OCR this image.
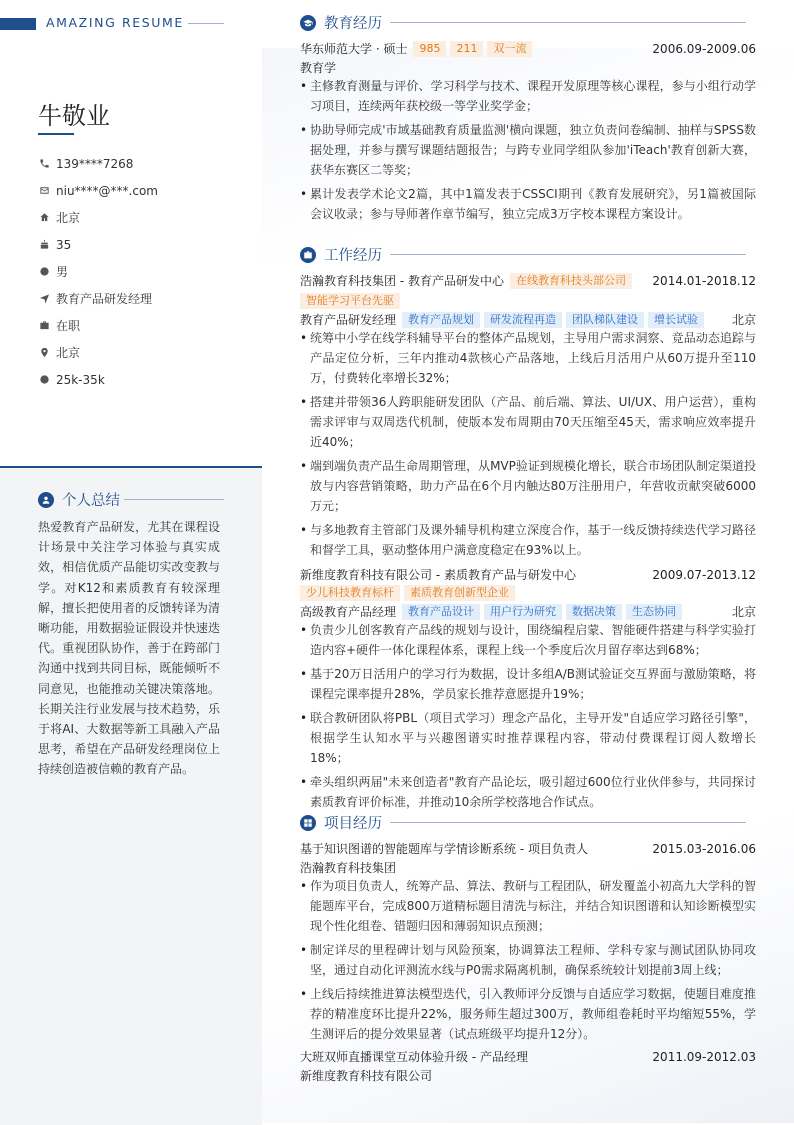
AMAZING RESUME
牛敬业
139****7268
niu****@***.com
北京
35
男
教育产品研发经理
在职
北京
25k-35k
个人总结
热爱教育产品研发，尤其在课程设计场景中关注学习体验与真实成效，相信优质产品能切实改变教与学。对K12和素质教育有较深理解，擅长把使用者的反馈转译为清晰功能，用数据验证假设并快速迭代。重视团队协作，善于在跨部门沟通中找到共同目标，既能倾听不同意见，也能推动关键决策落地。长期关注行业发展与技术趋势，乐于将AI、大数据等新工具融入产品思考，希望在产品研发经理岗位上持续创造被信赖的教育产品。
教育经历
华东师范大学 · 硕士	985	211	双一流	2006.09-2009.06
教育学
• 主修教育测量与评价、学习科学与技术、课程开发原理等核心课程，参与小组行动学习项目，连续两年获校级一等学业奖学金；
• 协助导师完成'市域基础教育质量监测'横向课题，独立负责问卷编制、抽样与SPSS数据处理，并参与撰写课题结题报告；与跨专业同学组队参加'iTeach'教育创新大赛，获华东赛区二等奖；
• 累计发表学术论文2篇，其中1篇发表于CSSCI期刊《教育发展研究》，另1篇被国际会议收录；参与导师著作章节编写，独立完成3万字校本课程方案设计。
工作经历
浩瀚教育科技集团 - 教育产品研发中心	在线教育科技头部公司	2014.01-2018.12
智能学习平台先驱
教育产品研发经理	教育产品规划	研发流程再造	团队梯队建设	增长试验	北京
• 统筹中小学在线学科辅导平台的整体产品规划，主导用户需求洞察、竞品动态追踪与产品定位分析，三年内推动4款核心产品落地，上线后月活用户从60万提升至110万，付费转化率增长32%；
• 搭建并带领36人跨职能研发团队（产品、前后端、算法、UI/UX、用户运营），重构需求评审与双周迭代机制，使版本发布周期由70天压缩至45天，需求响应效率提升近40%；
• 端到端负责产品生命周期管理，从MVP验证到规模化增长，联合市场团队制定渠道投放与内容营销策略，助力产品在6个月内触达80万注册用户，年营收贡献突破6000万元；
• 与多地教育主管部门及课外辅导机构建立深度合作，基于一线反馈持续迭代学习路径和督学工具，驱动整体用户满意度稳定在93%以上。
新维度教育科技有限公司 - 素质教育产品与研发中心	2009.07-2013.12
少儿科技教育标杆	素质教育创新型企业
高级教育产品经理	教育产品设计	用户行为研究	数据决策	生态协同	北京
• 负责少儿创客教育产品线的规划与设计，围绕编程启蒙、智能硬件搭建与科学实验打造内容+硬件一体化课程体系，课程上线一个季度后次月留存率达到68%；
• 基于20万日活用户的学习行为数据，设计多组A/B测试验证交互界面与激励策略，将课程完课率提升28%，学员家长推荐意愿提升19%；
• 联合教研团队将PBL（项目式学习）理念产品化，主导开发"自适应学习路径引擎"，根据学生认知水平与兴趣图谱实时推荐课程内容，带动付费课程订阅人数增长18%；
• 牵头组织两届"未来创造者"教育产品论坛，吸引超过600位行业伙伴参与，共同探讨素质教育评价标准，并推动10余所学校落地合作试点。
项目经历
基于知识图谱的智能题库与学情诊断系统 - 项目负责人	2015.03-2016.06
浩瀚教育科技集团
• 作为项目负责人，统筹产品、算法、教研与工程团队，研发覆盖小初高九大学科的智能题库平台，完成800万道精标题目清洗与标注，并结合知识图谱和认知诊断模型实现个性化组卷、错题归因和薄弱知识点预测；
• 制定详尽的里程碑计划与风险预案，协调算法工程师、学科专家与测试团队协同攻坚，通过自动化评测流水线与P0需求隔离机制，确保系统较计划提前3周上线；
• 上线后持续推进算法模型迭代，引入教师评分反馈与自适应学习数据，使题目难度推荐的精准度环比提升22%，服务师生超过300万，教师组卷耗时平均缩短55%，学生测评后的提分效果显著（试点班级平均提升12分）。
大班双师直播课堂互动体验升级 - 产品经理	2011.09-2012.03
新维度教育科技有限公司
